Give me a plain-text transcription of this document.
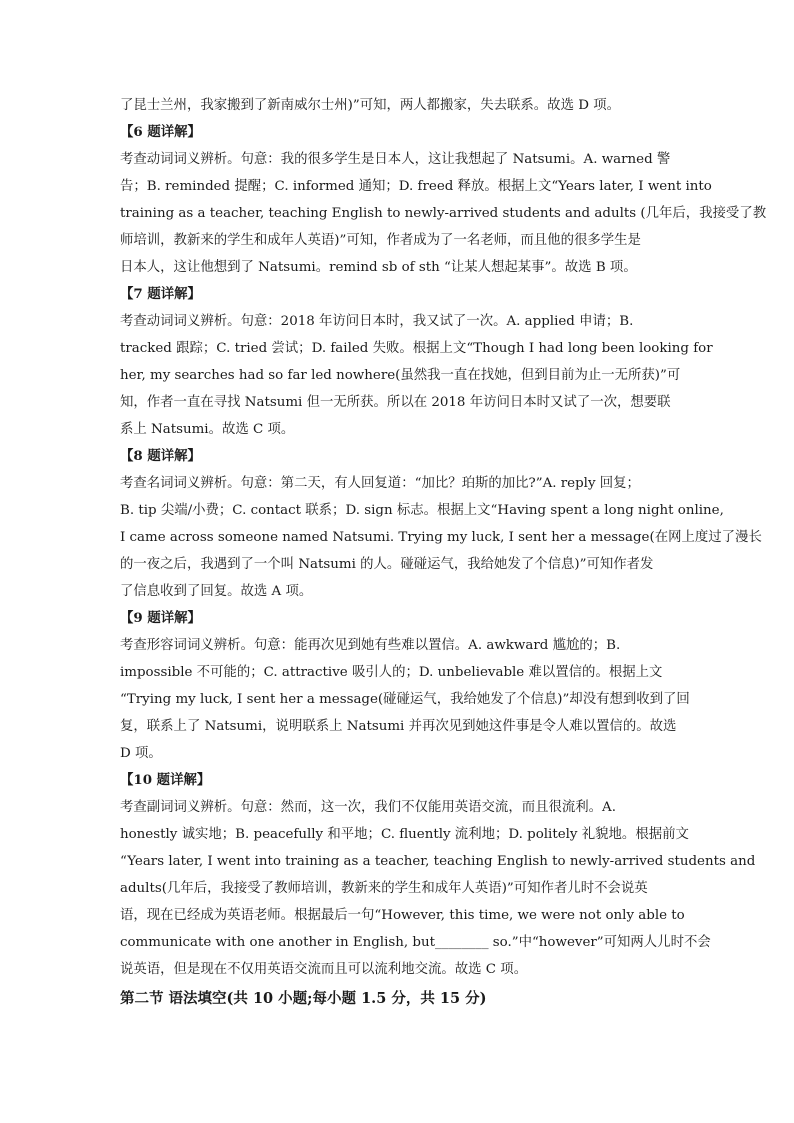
了昆士兰州，我家搬到了新南威尔士州)”可知，两人都搬家，失去联系。故选 D 项。
【6 题详解】
考查动词词义辨析。句意：我的很多学生是日本人，这让我想起了 Natsumi。A. warned 警
告；B. reminded 提醒；C. informed 通知；D. freed 释放。根据上文“Years later, I went into
training as a teacher, teaching English to newly-arrived students and adults (几年后，我接受了教
师培训，教新来的学生和成年人英语)”可知，作者成为了一名老师，而且他的很多学生是
日本人，这让他想到了 Natsumi。remind sb of sth “让某人想起某事”。故选 B 项。
【7 题详解】
考查动词词义辨析。句意：2018 年访问日本时，我又试了一次。A. applied 申请；B.
tracked 跟踪；C. tried 尝试；D. failed 失败。根据上文“Though I had long been looking for
her, my searches had so far led nowhere(虽然我一直在找她，但到目前为止一无所获)”可
知，作者一直在寻找 Natsumi 但一无所获。所以在 2018 年访问日本时又试了一次，想要联
系上 Natsumi。故选 C 项。
【8 题详解】
考查名词词义辨析。句意：第二天，有人回复道：“加比？珀斯的加比?”A. reply 回复；
B. tip 尖端/小费；C. contact 联系；D. sign 标志。根据上文“Having spent a long night online,
I came across someone named Natsumi. Trying my luck, I sent her a message(在网上度过了漫长
的一夜之后，我遇到了一个叫 Natsumi 的人。碰碰运气，我给她发了个信息)”可知作者发
了信息收到了回复。故选 A 项。
【9 题详解】
考查形容词词义辨析。句意：能再次见到她有些难以置信。A. awkward 尴尬的；B.
impossible 不可能的；C. attractive 吸引人的；D. unbelievable 难以置信的。根据上文
“Trying my luck, I sent her a message(碰碰运气，我给她发了个信息)”却没有想到收到了回
复，联系上了 Natsumi，说明联系上 Natsumi 并再次见到她这件事是令人难以置信的。故选
D 项。
【10 题详解】
考查副词词义辨析。句意：然而，这一次，我们不仅能用英语交流，而且很流利。A.
honestly 诚实地；B. peacefully 和平地；C. fluently 流利地；D. politely 礼貌地。根据前文
“Years later, I went into training as a teacher, teaching English to newly-arrived students and
adults(几年后，我接受了教师培训，教新来的学生和成年人英语)”可知作者儿时不会说英
语，现在已经成为英语老师。根据最后一句“However, this time, we were not only able to
communicate with one another in English, but________ so.”中“however”可知两人儿时不会
说英语，但是现在不仅用英语交流而且可以流利地交流。故选 C 项。
第二节 语法填空(共 10 小题;每小题 1.5 分，共 15 分)
